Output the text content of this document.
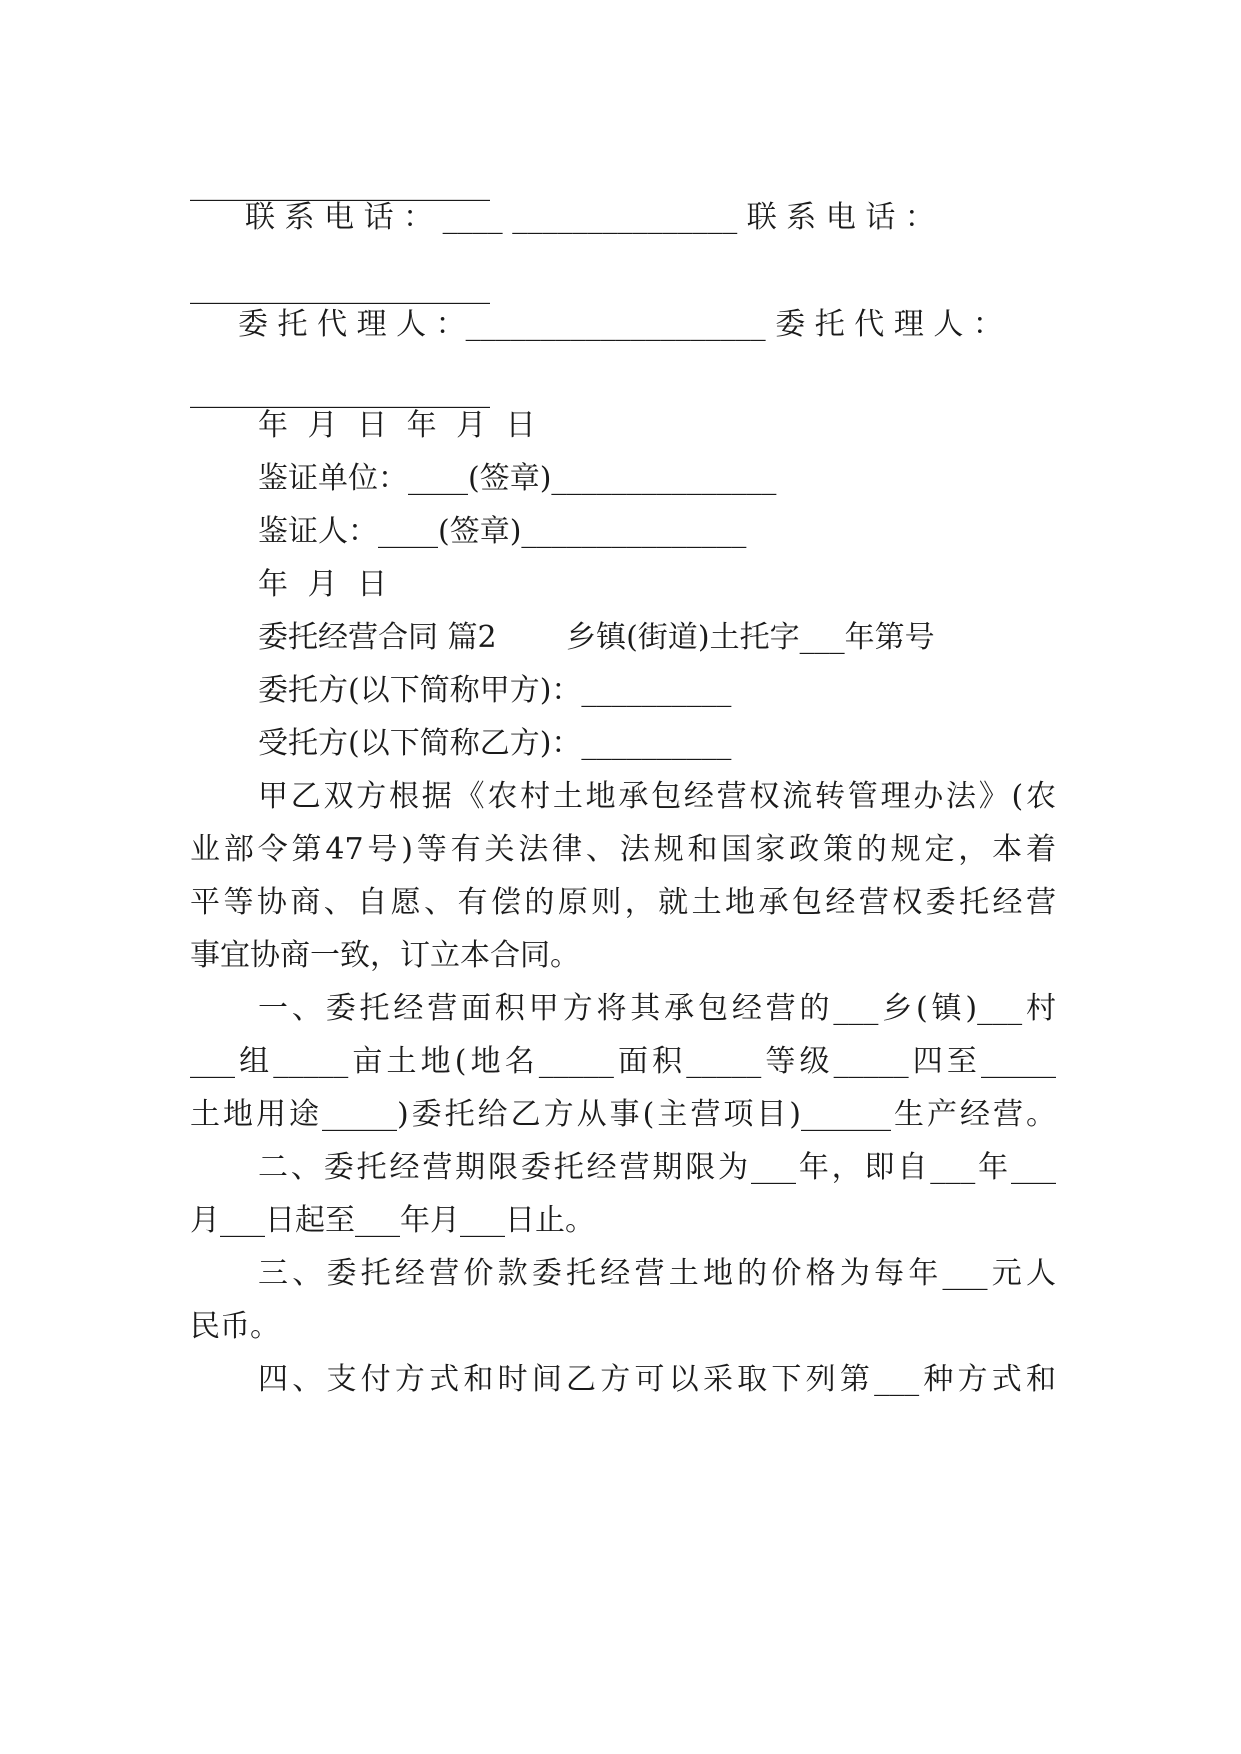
____________________
联 系 电 话 ： ____ _______________ 联 系 电 话 ：
____________________
委 托 代 理 人 ：____________________ 委 托 代 理 人 ：
____________________
年 月 日 年 月 日
鉴证单位：____(签章)_______________
鉴证人：____(签章)_______________
年 月 日
委托经营合同 篇2 　　乡镇(街道)土托字___年第号
委托方(以下简称甲方)：__________
受托方(以下简称乙方)：__________
甲乙双方根据《农村土地承包经营权流转管理办法》(农
业部令第47号)等有关法律、法规和国家政策的规定，本着
平等协商、自愿、有偿的原则，就土地承包经营权委托经营
事宜协商一致，订立本合同。
一、委托经营面积甲方将其承包经营的___乡(镇)___村
___组_____亩土地(地名_____面积_____等级_____四至_____
土地用途_____)委托给乙方从事(主营项目)______生产经营。
二、委托经营期限委托经营期限为___年，即自___年___
月___日起至___年月___日止。
三、委托经营价款委托经营土地的价格为每年___元人
民币。
四、支付方式和时间乙方可以采取下列第___种方式和
